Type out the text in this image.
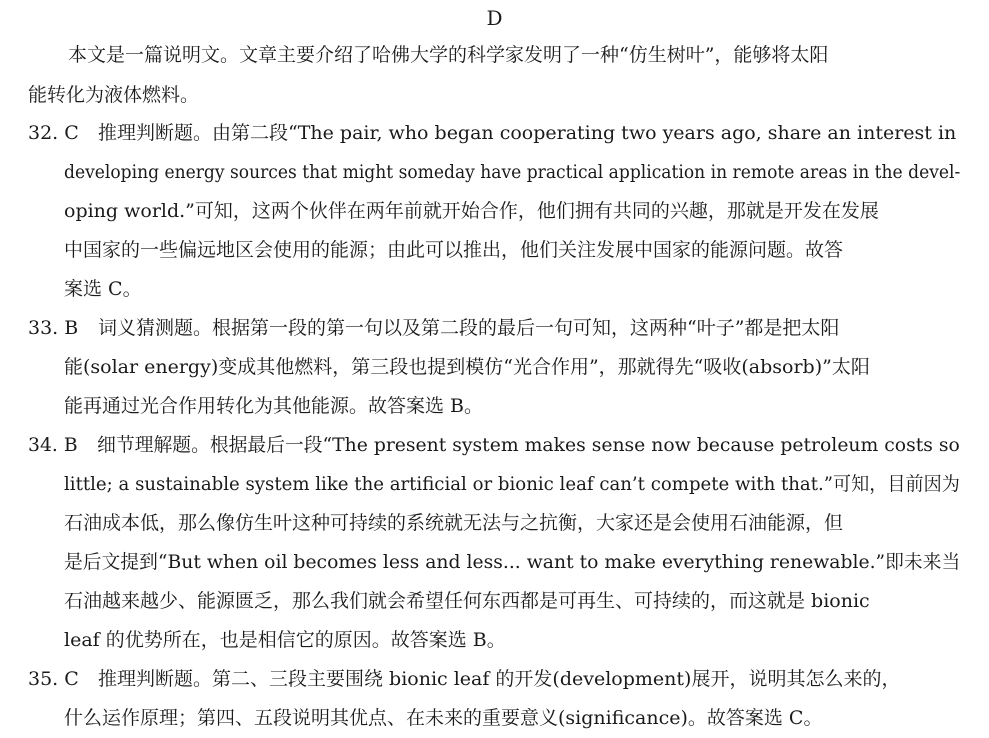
D
本文是一篇说明文。文章主要介绍了哈佛大学的科学家发明了一种“仿生树叶”，能够将太阳
能转化为液体燃料。
32. C 推理判断题。由第二段“The pair, who began cooperating two years ago, share an interest in
developing energy sources that might someday have practical application in remote areas in the devel-
oping world.”可知，这两个伙伴在两年前就开始合作，他们拥有共同的兴趣，那就是开发在发展
中国家的一些偏远地区会使用的能源；由此可以推出，他们关注发展中国家的能源问题。故答
案选 C。
33. B 词义猜测题。根据第一段的第一句以及第二段的最后一句可知，这两种“叶子”都是把太阳
能(solar energy)变成其他燃料，第三段也提到模仿“光合作用”，那就得先“吸收(absorb)”太阳
能再通过光合作用转化为其他能源。故答案选 B。
34. B 细节理解题。根据最后一段“The present system makes sense now because petroleum costs so
little; a sustainable system like the artificial or bionic leaf can’t compete with that.”可知，目前因为
石油成本低，那么像仿生叶这种可持续的系统就无法与之抗衡，大家还是会使用石油能源，但
是后文提到“But when oil becomes less and less... want to make everything renewable.”即未来当
石油越来越少、能源匮乏，那么我们就会希望任何东西都是可再生、可持续的，而这就是 bionic
leaf 的优势所在，也是相信它的原因。故答案选 B。
35. C 推理判断题。第二、三段主要围绕 bionic leaf 的开发(development)展开，说明其怎么来的，
什么运作原理；第四、五段说明其优点、在未来的重要意义(significance)。故答案选 C。
